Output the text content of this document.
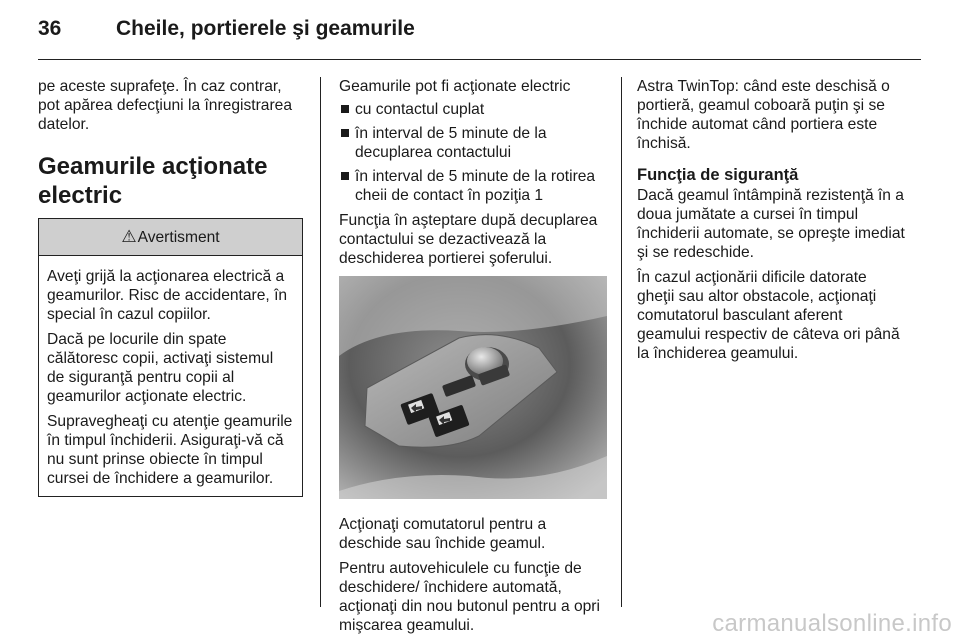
36	Cheile, portierele şi geamurile

pe aceste suprafeţe. În caz contrar, pot apărea defecţiuni la înregistrarea datelor.

Geamurile acţionate electric
⚠Avertisment

Aveţi grijă la acţionarea electrică a geamurilor. Risc de accidentare, în special în cazul copiilor.

Dacă pe locurile din spate călătoresc copii, activaţi sistemul de siguranţă pentru copii al geamurilor acţionate electric.

Supravegheaţi cu atenţie geamurile în timpul închiderii. Asiguraţi-vă că nu sunt prinse obiecte în timpul cursei de închidere a geamurilor.

Geamurile pot fi acţionate electric

cu contactul cuplat
în interval de 5 minute de la decuplarea contactului
în interval de 5 minute de la rotirea cheii de contact în poziţia 1

Funcţia în aşteptare după decuplarea contactului se dezactivează la deschiderea portierei şoferului.

Acţionaţi comutatorul pentru a deschide sau închide geamul.

Pentru autovehiculele cu funcţie de deschidere/ închidere automată, acţionaţi din nou butonul pentru a opri mişcarea geamului.

Astra TwinTop: când este deschisă o portieră, geamul coboară puţin şi se închide automat când portiera este închisă.

Funcţia de siguranţă

Dacă geamul întâmpină rezistenţă în a doua jumătate a cursei în timpul închiderii automate, se opreşte imediat şi se redeschide.

În cazul acţionării dificile datorate gheţii sau altor obstacole, acţionaţi comutatorul basculant aferent geamului respectiv de câteva ori până la închiderea geamului.

carmanualsonline.info
